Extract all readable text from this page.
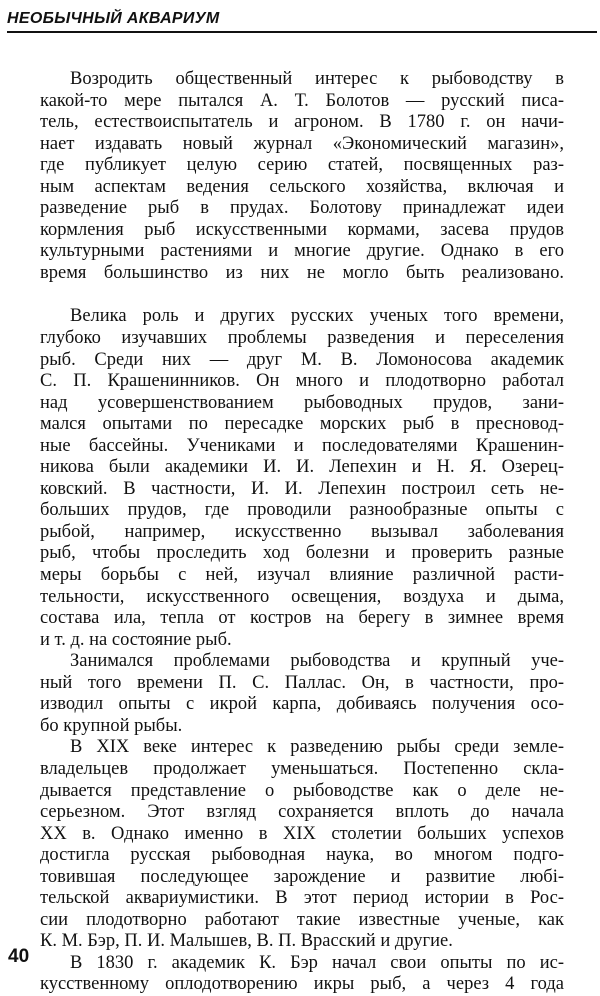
НЕОБЫЧНЫЙ АКВАРИУМ
Возродить общественный интерес к рыбоводству в
какой-то мере пытался А. Т. Болотов — русский писа-
тель, естествоиспытатель и агроном. В 1780 г. он начи-
нает издавать новый журнал «Экономический магазин»,
где публикует целую серию статей, посвященных раз-
ным аспектам ведения сельского хозяйства, включая и
разведение рыб в прудах. Болотову принадлежат идеи
кормления рыб искусственными кормами, засева прудов
культурными растениями и многие другие. Однако в его
время большинство из них не могло быть реализовано.
Велика роль и других русских ученых того времени,
глубоко изучавших проблемы разведения и переселения
рыб. Среди них — друг М. В. Ломоносова академик
С. П. Крашенинников. Он много и плодотворно работал
над усовершенствованием рыбоводных прудов, зани-
мался опытами по пересадке морских рыб в пресновод-
ные бассейны. Учениками и последователями Крашенин-
никова были академики И. И. Лепехин и Н. Я. Озерец-
ковский. В частности, И. И. Лепехин построил сеть не-
больших прудов, где проводили разнообразные опыты с
рыбой, например, искусственно вызывал заболевания
рыб, чтобы проследить ход болезни и проверить разные
меры борьбы с ней, изучал влияние различной расти-
тельности, искусственного освещения, воздуха и дыма,
состава ила, тепла от костров на берегу в зимнее время
и т. д. на состояние рыб.
Занимался проблемами рыбоводства и крупный уче-
ный того времени П. С. Паллас. Он, в частности, про-
изводил опыты с икрой карпа, добиваясь получения осо-
бо крупной рыбы.
В XIX веке интерес к разведению рыбы среди земле-
владельцев продолжает уменьшаться. Постепенно скла-
дывается представление о рыбоводстве как о деле не-
серьезном. Этот взгляд сохраняется вплоть до начала
XX в. Однако именно в XIX столетии больших успехов
достигла русская рыбоводная наука, во многом подго-
товившая последующее зарождение и развитие любі-
тельской аквариумистики. В этот период истории в Рос-
сии плодотворно работают такие известные ученые, как
К. М. Бэр, П. И. Малышев, В. П. Врасский и другие.
В 1830 г. академик К. Бэр начал свои опыты по ис-
кусственному оплодотворению икры рыб, а через 4 года
40
